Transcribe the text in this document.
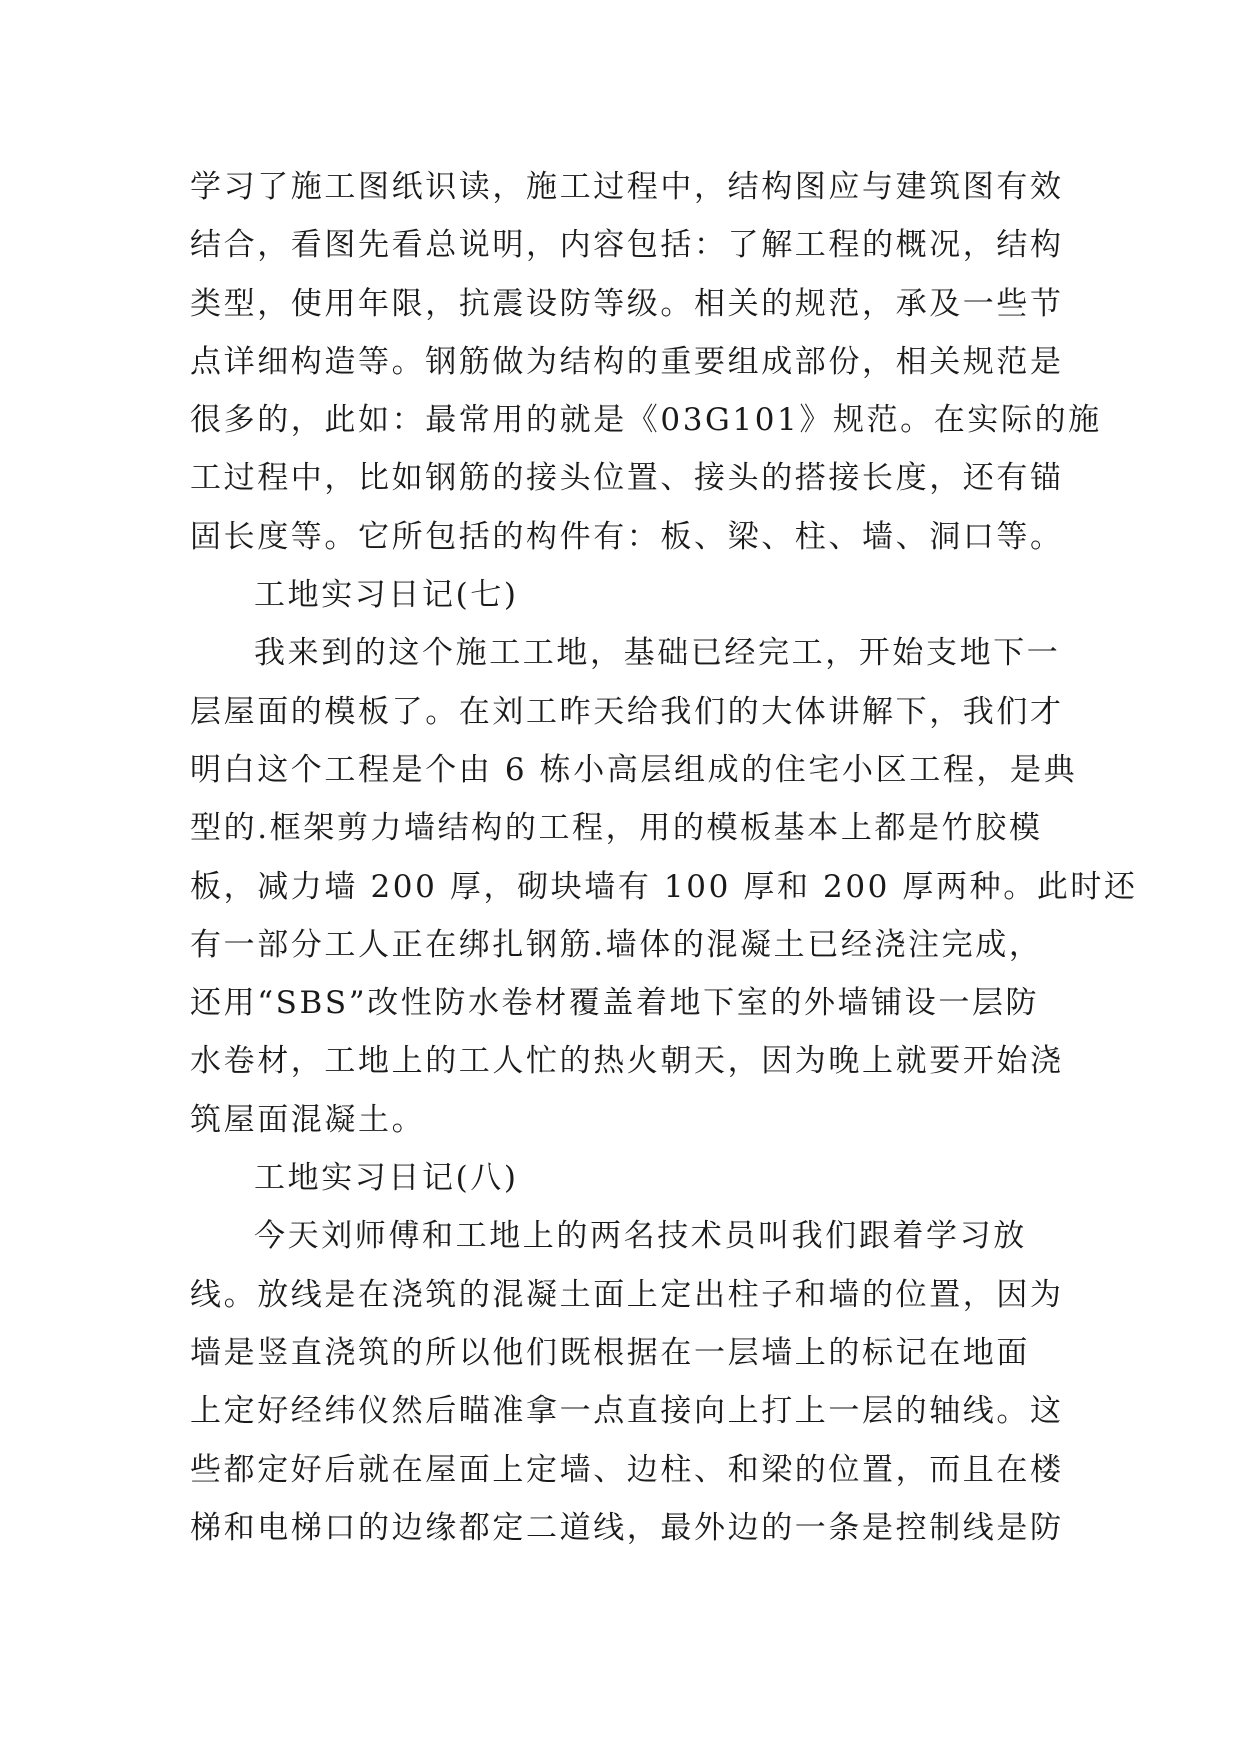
学习了施工图纸识读，施工过程中，结构图应与建筑图有效
结合，看图先看总说明，内容包括：了解工程的概况，结构
类型，使用年限，抗震设防等级。相关的规范，承及一些节
点详细构造等。钢筋做为结构的重要组成部份，相关规范是
很多的，此如：最常用的就是《03G101》规范。在实际的施
工过程中，比如钢筋的接头位置、接头的搭接长度，还有锚
固长度等。它所包括的构件有：板、梁、柱、墙、洞口等。
工地实习日记(七)
我来到的这个施工工地，基础已经完工，开始支地下一
层屋面的模板了。在刘工昨天给我们的大体讲解下，我们才
明白这个工程是个由 6 栋小高层组成的住宅小区工程，是典
型的.框架剪力墙结构的工程，用的模板基本上都是竹胶模
板，减力墙 200 厚，砌块墙有 100 厚和 200 厚两种。此时还
有一部分工人正在绑扎钢筋.墙体的混凝土已经浇注完成，
还用“SBS”改性防水卷材覆盖着地下室的外墙铺设一层防
水卷材，工地上的工人忙的热火朝天，因为晚上就要开始浇
筑屋面混凝土。
工地实习日记(八)
今天刘师傅和工地上的两名技术员叫我们跟着学习放
线。放线是在浇筑的混凝土面上定出柱子和墙的位置，因为
墙是竖直浇筑的所以他们既根据在一层墙上的标记在地面
上定好经纬仪然后瞄准拿一点直接向上打上一层的轴线。这
些都定好后就在屋面上定墙、边柱、和梁的位置，而且在楼
梯和电梯口的边缘都定二道线，最外边的一条是控制线是防
